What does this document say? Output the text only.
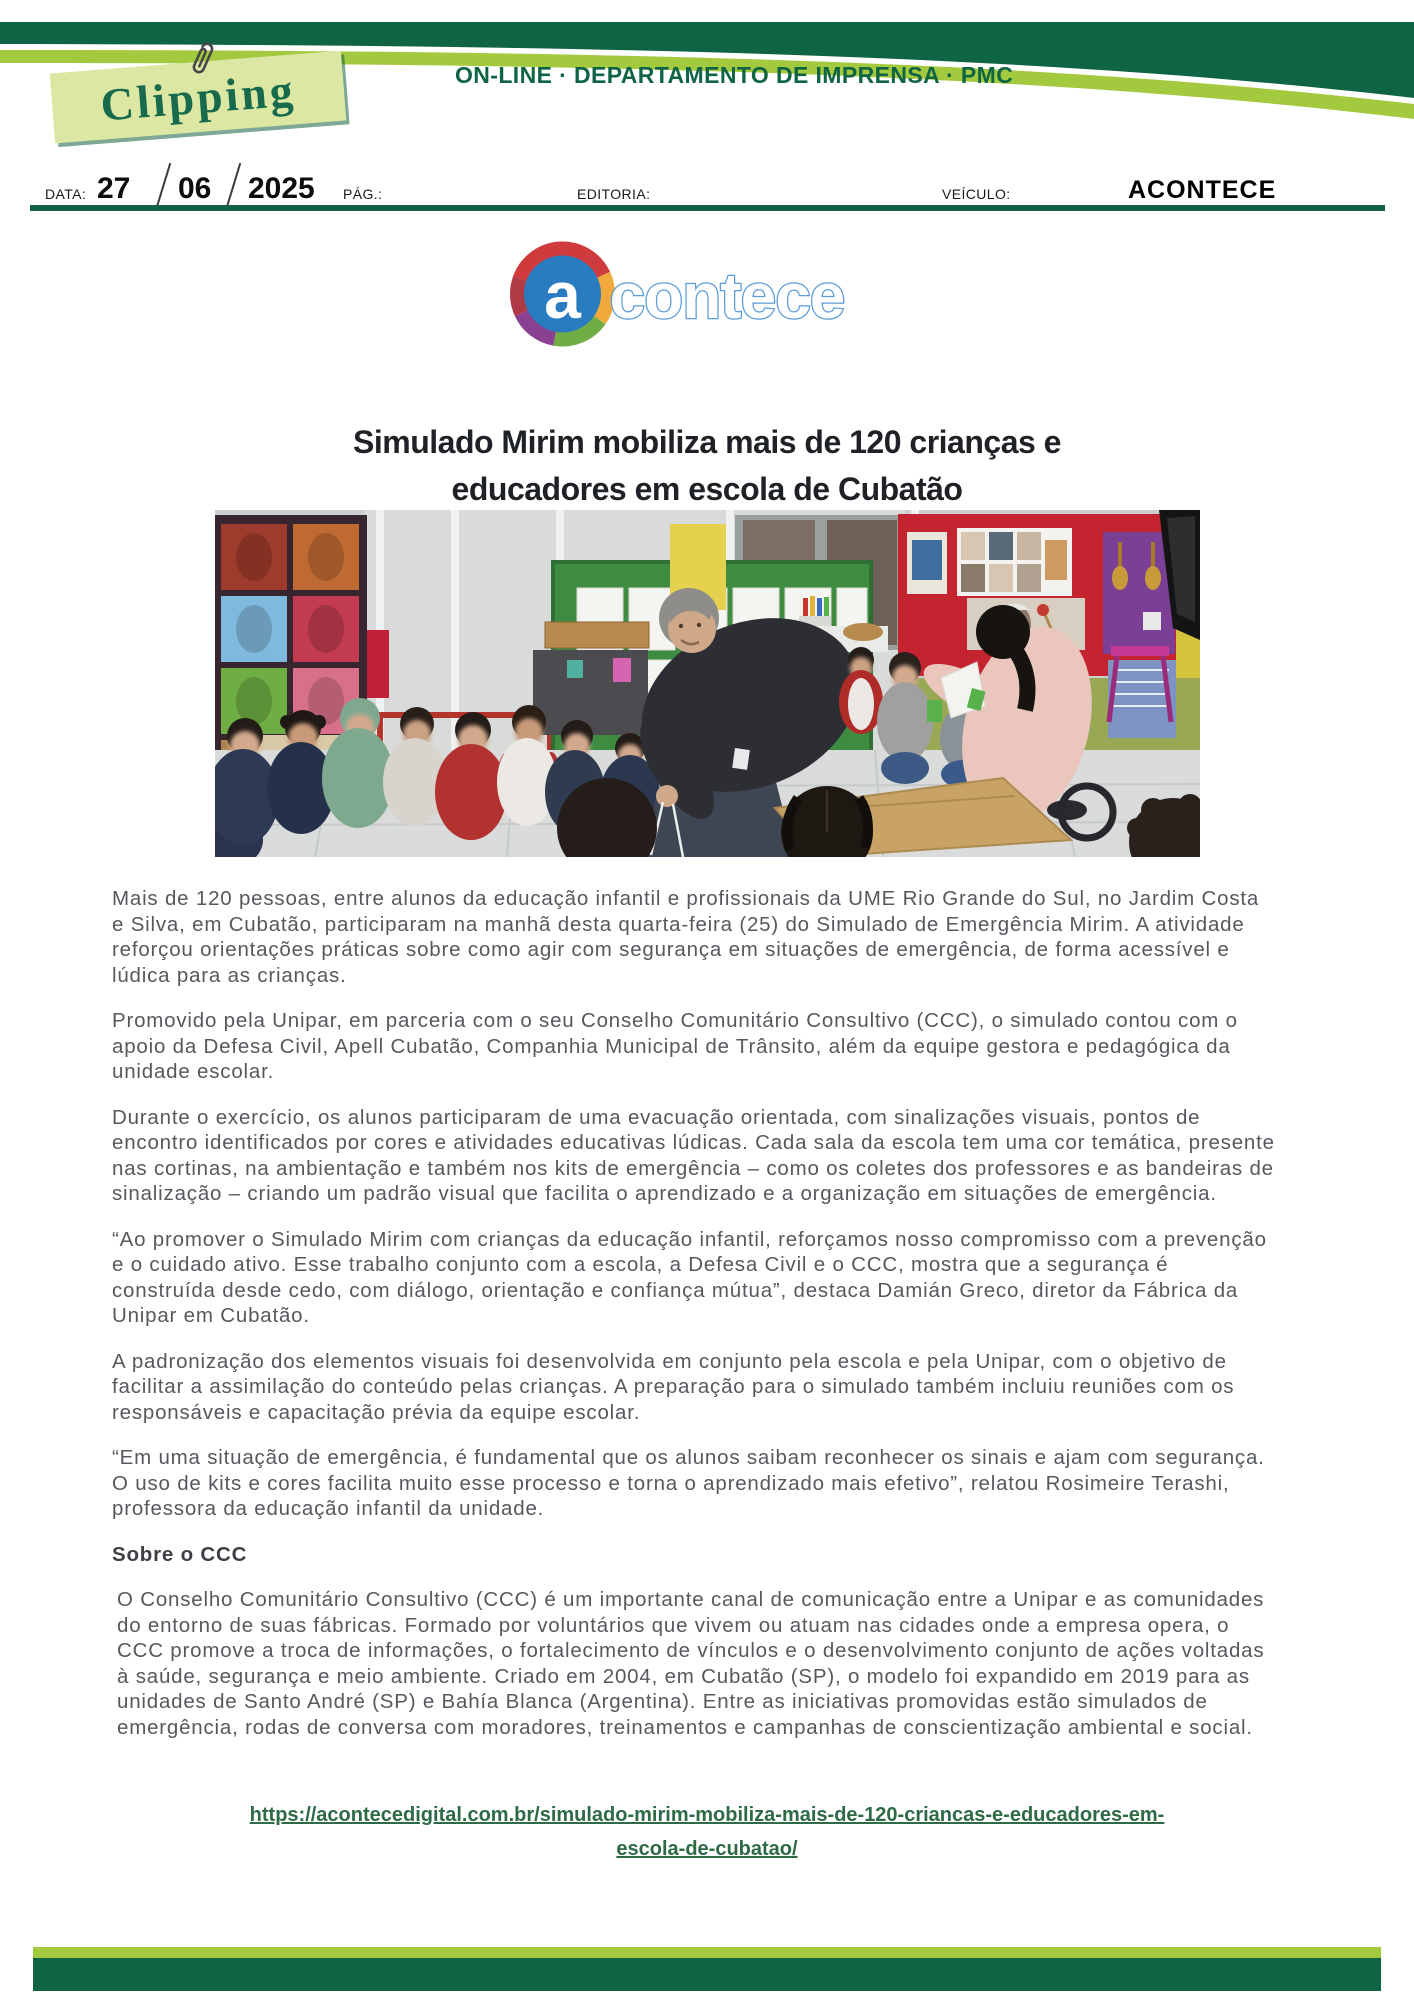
Clipping	ON-LINE · DEPARTAMENTO DE IMPRENSA · PMC
DATA: 27 06 2025 PÁG.:	EDITORIA:	VEÍCULO:	ACONTECE
a contece
Simulado Mirim mobiliza mais de 120 crianças e
educadores em escola de Cubatão

Mais de 120 pessoas, entre alunos da educação infantil e profissionais da UME Rio Grande do Sul, no Jardim Costa e Silva, em Cubatão, participaram na manhã desta quarta-feira (25) do Simulado de Emergência Mirim. A atividade reforçou orientações práticas sobre como agir com segurança em situações de emergência, de forma acessível e lúdica para as crianças.

Promovido pela Unipar, em parceria com o seu Conselho Comunitário Consultivo (CCC), o simulado contou com o apoio da Defesa Civil, Apell Cubatão, Companhia Municipal de Trânsito, além da equipe gestora e pedagógica da unidade escolar.

Durante o exercício, os alunos participaram de uma evacuação orientada, com sinalizações visuais, pontos de encontro identificados por cores e atividades educativas lúdicas. Cada sala da escola tem uma cor temática, presente nas cortinas, na ambientação e também nos kits de emergência – como os coletes dos professores e as bandeiras de sinalização – criando um padrão visual que facilita o aprendizado e a organização em situações de emergência.

“Ao promover o Simulado Mirim com crianças da educação infantil, reforçamos nosso compromisso com a prevenção e o cuidado ativo. Esse trabalho conjunto com a escola, a Defesa Civil e o CCC, mostra que a segurança é construída desde cedo, com diálogo, orientação e confiança mútua”, destaca Damián Greco, diretor da Fábrica da Unipar em Cubatão.

A padronização dos elementos visuais foi desenvolvida em conjunto pela escola e pela Unipar, com o objetivo de facilitar a assimilação do conteúdo pelas crianças. A preparação para o simulado também incluiu reuniões com os responsáveis e capacitação prévia da equipe escolar.

“Em uma situação de emergência, é fundamental que os alunos saibam reconhecer os sinais e ajam com segurança. O uso de kits e cores facilita muito esse processo e torna o aprendizado mais efetivo”, relatou Rosimeire Terashi, professora da educação infantil da unidade.

Sobre o CCC

O Conselho Comunitário Consultivo (CCC) é um importante canal de comunicação entre a Unipar e as comunidades do entorno de suas fábricas. Formado por voluntários que vivem ou atuam nas cidades onde a empresa opera, o CCC promove a troca de informações, o fortalecimento de vínculos e o desenvolvimento conjunto de ações voltadas à saúde, segurança e meio ambiente. Criado em 2004, em Cubatão (SP), o modelo foi expandido em 2019 para as unidades de Santo André (SP) e Bahía Blanca (Argentina). Entre as iniciativas promovidas estão simulados de emergência, rodas de conversa com moradores, treinamentos e campanhas de conscientização ambiental e social.

https://acontecedigital.com.br/simulado-mirim-mobiliza-mais-de-120-criancas-e-educadores-em-
escola-de-cubatao/
